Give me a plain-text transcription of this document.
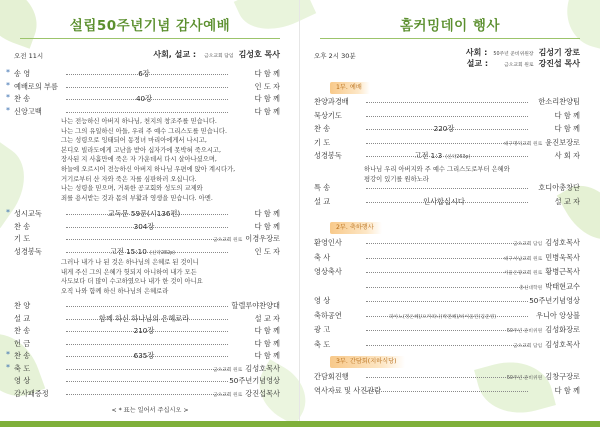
설립50주년기념 감사예배
오전 11시	사회, 설교 : 금오교회 담임 김성호 목사
* 송 영	6장	다 함 께
* 예배로의 부름	인 도 자
* 찬 송	40장	다 함 께
* 신앙고백	다 함 께
나는 전능하신 아버지 하나님, 천지의 창조주를 믿습니다.
나는 그의 유일하신 아들, 우리 주 예수 그리스도를 믿습니다.
그는 성령으로 잉태되어 동정녀 마리아에게서 나시고,
본디오 빌라도에게 고난을 받아 십자가에 못박혀 죽으시고,
장사된 지 사흘만에 죽은 자 가운데서 다시 살아나셨으며,
하늘에 오르시어 전능하신 아버지 하나님 우편에 앉아 계시다가,
거기로부터 산 자와 죽은 자를 심판하러 오십니다.
나는 성령을 믿으며, 거룩한 공교회와 성도의 교제와
죄를 용서받는 것과 몸의 부활과 영생을 믿습니다. 아멘.
* 성시교독	교독문 59문(시136편)	다 함 께
찬 송	304장	다 함 께
기 도	금오교회 원로 이경우장로
성경봉독	고전 15:10 (신약282p)	인 도 자
그러나 내가 나 된 것은 하나님의 은혜로 된 것이니
내게 주신 그의 은혜가 헛되지 아니하여 내가 모든
사도보다 더 많이 수고하였으나 내가 한 것이 아니요
오직 나와 함께 하신 하나님의 은혜로라
찬 양	할렐루야찬양대
설 교	함께 하신 하나님의 은혜로라	설 교 자
찬 송	210장	다 함 께
헌 금	다 함 께
* 찬 송	635장	다 함 께
* 축 도	금오교회 원로 김성호목사
영 상	50주년기념영상
감사패증정	금오교회 원로 강진섭목사
< * 표는 일어서 주십시오 >
홈커밍데이 행사
오후 2시 30분	사회 : 50주년 준비위원장 김성기 장로
설교 :	금오교회 원로 강진섭 목사
1부. 예배
찬양과경배	한소리찬양팀
묵상기도	다 함 께
찬 송	220장	다 함 께
기 도	대구명덕교회 원로 윤진보장로
성경봉독	고전 1:3 (신약263p)	사 회 자
하나님 우리 아버지와 주 예수 그리스도로부터 은혜와
평강이 있기를 원하노라
특 송	호디아총창단
설 교	인사합십시다	설 교 자
2부. 축하행사
환영인사	금오교회 담임 김성호목사
축 사	대구서남교회 원로 민병욱목사
영상축사	서울은광교회 원로 황병근목사
총신대학원 박태현교수
영 상	50주년기념영상
축하공연	피아노(정은혜)/오카리나(박전혜)/바이올린(김준영)	우니아 앙상블
광 고	50주년 준비위원 김성화장로
축 도	금오교회 담임 김성호목사
3부. 간담회(지하식당)
간담회진행	50주년 준비위원 김창구장로
역사자료 및 사진관람	다 함 께
